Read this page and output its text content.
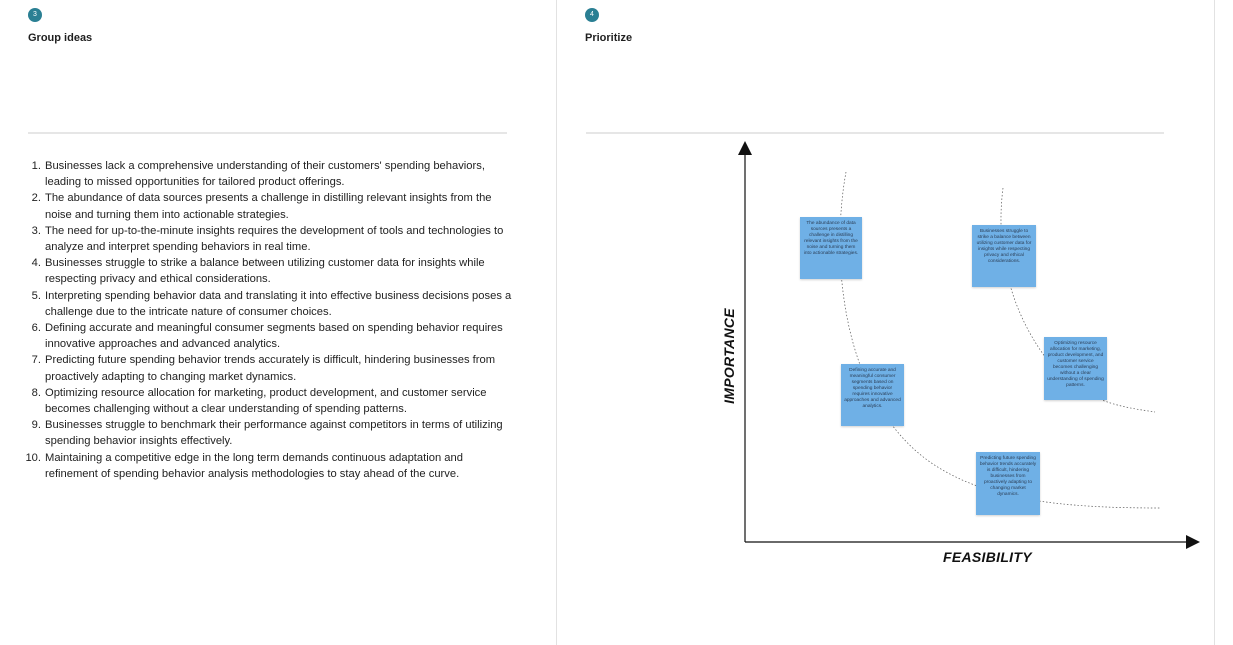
3
Group ideas
1. Businesses lack a comprehensive understanding of their customers' spending behaviors, leading to missed opportunities for tailored product offerings.
2. The abundance of data sources presents a challenge in distilling relevant insights from the noise and turning them into actionable strategies.
3. The need for up-to-the-minute insights requires the development of tools and technologies to analyze and interpret spending behaviors in real time.
4. Businesses struggle to strike a balance between utilizing customer data for insights while respecting privacy and ethical considerations.
5. Interpreting spending behavior data and translating it into effective business decisions poses a challenge due to the intricate nature of consumer choices.
6. Defining accurate and meaningful consumer segments based on spending behavior requires innovative approaches and advanced analytics.
7. Predicting future spending behavior trends accurately is difficult, hindering businesses from proactively adapting to changing market dynamics.
8. Optimizing resource allocation for marketing, product development, and customer service becomes challenging without a clear understanding of spending patterns.
9. Businesses struggle to benchmark their performance against competitors in terms of utilizing spending behavior insights effectively.
10. Maintaining a competitive edge in the long term demands continuous adaptation and refinement of spending behavior analysis methodologies to stay ahead of the curve.
4
Prioritize
IMPORTANCE
FEASIBILITY
The abundance of data sources presents a challenge in distilling relevant insights from the noise and turning them into actionable strategies.
Businesses struggle to strike a balance between utilizing customer data for insights while respecting privacy and ethical considerations.
Optimizing resource allocation for marketing, product development, and customer service becomes challenging without a clear understanding of spending patterns.
Defining accurate and meaningful consumer segments based on spending behavior requires innovative approaches and advanced analytics.
Predicting future spending behavior trends accurately is difficult, hindering businesses from proactively adapting to changing market dynamics.
